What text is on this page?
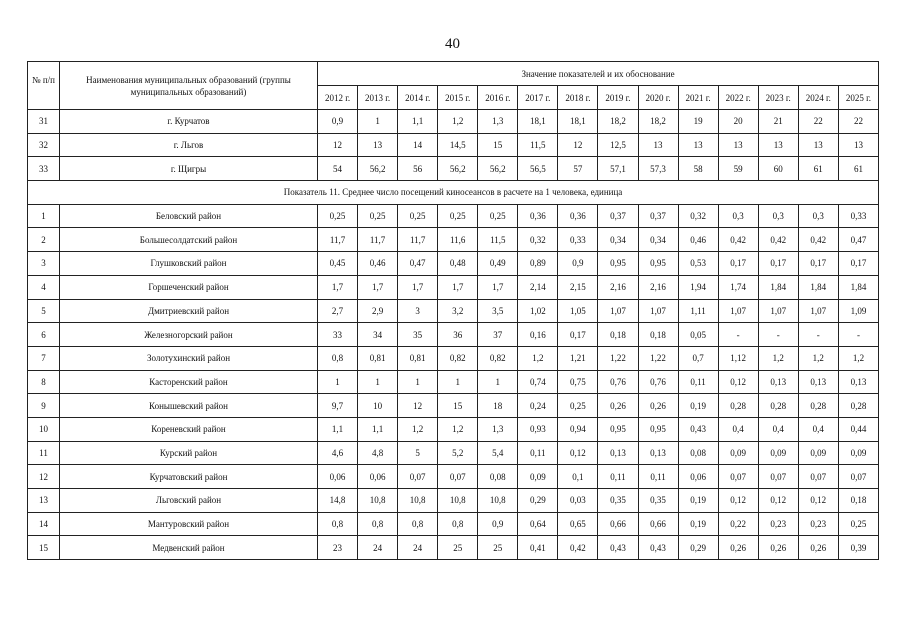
40
№ п/п	Наименования муниципальных образований (группы муниципальных образований)	Значение показателей и их обоснование													
		2012 г.	2013 г.	2014 г.	2015 г.	2016 г.	2017 г.	2018 г.	2019 г.	2020 г.	2021 г.	2022 г.	2023 г.	2024 г.	2025 г.
31	г. Курчатов	0,9	1	1,1	1,2	1,3	18,1	18,1	18,2	18,2	19	20	21	22	22
32	г. Льгов	12	13	14	14,5	15	11,5	12	12,5	13	13	13	13	13	13
33	г. Щигры	54	56,2	56	56,2	56,2	56,5	57	57,1	57,3	58	59	60	61	61
Показатель 11. Среднее число посещений киносеансов в расчете на 1 человека, единица															
1	Беловский район	0,25	0,25	0,25	0,25	0,25	0,36	0,36	0,37	0,37	0,32	0,3	0,3	0,3	0,33
2	Большесолдатский район	11,7	11,7	11,7	11,6	11,5	0,32	0,33	0,34	0,34	0,46	0,42	0,42	0,42	0,47
3	Глушковский район	0,45	0,46	0,47	0,48	0,49	0,89	0,9	0,95	0,95	0,53	0,17	0,17	0,17	0,17
4	Горшеченский район	1,7	1,7	1,7	1,7	1,7	2,14	2,15	2,16	2,16	1,94	1,74	1,84	1,84	1,84
5	Дмитриевский район	2,7	2,9	3	3,2	3,5	1,02	1,05	1,07	1,07	1,11	1,07	1,07	1,07	1,09
6	Железногорский район	33	34	35	36	37	0,16	0,17	0,18	0,18	0,05	-	-	-	-
7	Золотухинский район	0,8	0,81	0,81	0,82	0,82	1,2	1,21	1,22	1,22	0,7	1,12	1,2	1,2	1,2
8	Касторенский район	1	1	1	1	1	0,74	0,75	0,76	0,76	0,11	0,12	0,13	0,13	0,13
9	Конышевский район	9,7	10	12	15	18	0,24	0,25	0,26	0,26	0,19	0,28	0,28	0,28	0,28
10	Кореневский район	1,1	1,1	1,2	1,2	1,3	0,93	0,94	0,95	0,95	0,43	0,4	0,4	0,4	0,44
11	Курский район	4,6	4,8	5	5,2	5,4	0,11	0,12	0,13	0,13	0,08	0,09	0,09	0,09	0,09
12	Курчатовский район	0,06	0,06	0,07	0,07	0,08	0,09	0,1	0,11	0,11	0,06	0,07	0,07	0,07	0,07
13	Льговский район	14,8	10,8	10,8	10,8	10,8	0,29	0,03	0,35	0,35	0,19	0,12	0,12	0,12	0,18
14	Мантуровский район	0,8	0,8	0,8	0,8	0,9	0,64	0,65	0,66	0,66	0,19	0,22	0,23	0,23	0,25
15	Медвенский район	23	24	24	25	25	0,41	0,42	0,43	0,43	0,29	0,26	0,26	0,26	0,39
